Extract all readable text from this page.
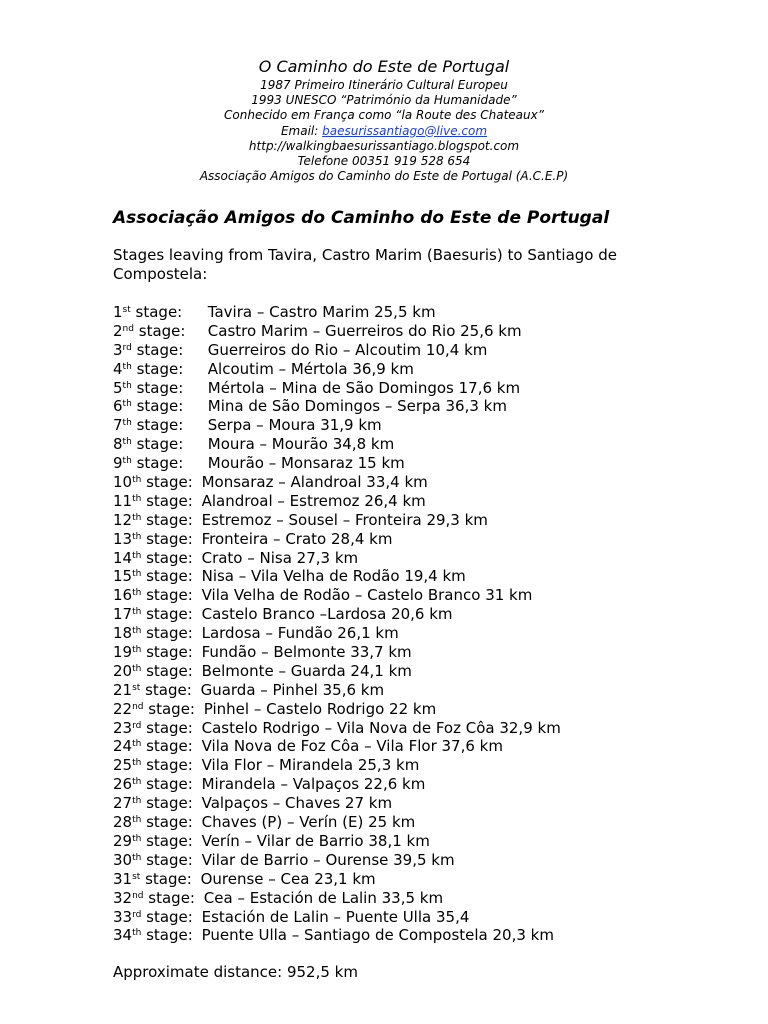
O Caminho do Este de Portugal
1987 Primeiro Itinerário Cultural Europeu
1993 UNESCO “Património da Humanidade”
Conhecido em França como “la Route des Chateaux”
Email: baesurissantiago@live.com
http://walkingbaesurissantiago.blogspot.com
Telefone 00351 919 528 654
Associação Amigos do Caminho do Este de Portugal (A.C.E.P)
Associação Amigos do Caminho do Este de Portugal
Stages leaving from Tavira, Castro Marim (Baesuris) to Santiago de Compostela:
1st stage: Tavira – Castro Marim 25,5 km
2nd stage: Castro Marim – Guerreiros do Rio 25,6 km
3rd stage: Guerreiros do Rio – Alcoutim 10,4 km
4th stage: Alcoutim – Mértola 36,9 km
5th stage: Mértola – Mina de São Domingos 17,6 km
6th stage: Mina de São Domingos – Serpa 36,3 km
7th stage: Serpa – Moura 31,9 km
8th stage: Moura – Mourão 34,8 km
9th stage: Mourão – Monsaraz 15 km
10th stage: Monsaraz – Alandroal 33,4 km
11th stage: Alandroal – Estremoz 26,4 km
12th stage: Estremoz – Sousel – Fronteira 29,3 km
13th stage: Fronteira – Crato 28,4 km
14th stage: Crato – Nisa 27,3 km
15th stage: Nisa – Vila Velha de Rodão 19,4 km
16th stage: Vila Velha de Rodão – Castelo Branco 31 km
17th stage: Castelo Branco –Lardosa 20,6 km
18th stage: Lardosa – Fundão 26,1 km
19th stage: Fundão – Belmonte 33,7 km
20th stage: Belmonte – Guarda 24,1 km
21st stage: Guarda – Pinhel 35,6 km
22nd stage: Pinhel – Castelo Rodrigo 22 km
23rd stage: Castelo Rodrigo – Vila Nova de Foz Côa 32,9 km
24th stage: Vila Nova de Foz Côa – Vila Flor 37,6 km
25th stage: Vila Flor – Mirandela 25,3 km
26th stage: Mirandela – Valpaços 22,6 km
27th stage: Valpaços – Chaves 27 km
28th stage: Chaves (P) – Verín (E) 25 km
29th stage: Verín – Vilar de Barrio 38,1 km
30th stage: Vilar de Barrio – Ourense 39,5 km
31st stage: Ourense – Cea 23,1 km
32nd stage: Cea – Estación de Lalin 33,5 km
33rd stage: Estación de Lalin – Puente Ulla 35,4
34th stage: Puente Ulla – Santiago de Compostela 20,3 km
Approximate distance: 952,5 km
